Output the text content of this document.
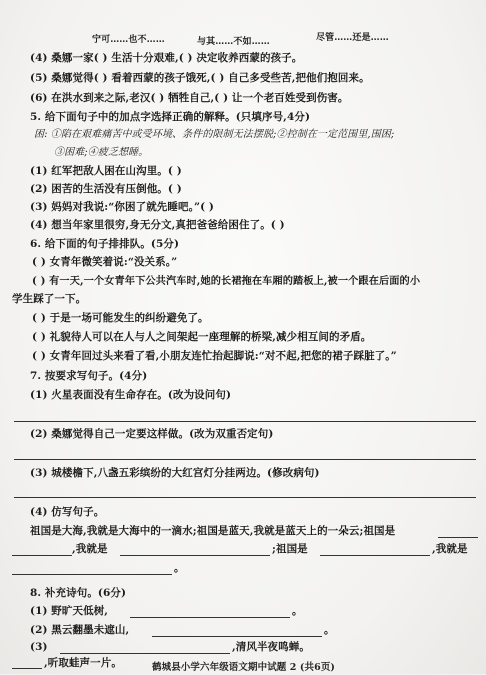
宁可……也不……	与其……不如……	尽管……还是……
(4) 桑娜一家( ) 生活十分艰难,( ) 决定收养西蒙的孩子。
(5) 桑娜觉得( ) 看着西蒙的孩子饿死,( ) 自己多受些苦,把他们抱回来。
(6) 在洪水到来之际,老汉( ) 牺牲自己,( ) 让一个老百姓受到伤害。
5. 给下面句子中的加点字选择正确的解释。(只填序号,4分)
困: ①陷在艰难痛苦中或受环境、条件的限制无法摆脱;②控制在一定范围里,围困;
③困难;④疲乏想睡。
(1) 红军把敌人困在山沟里。( )
(2) 困苦的生活没有压倒他。( )
(3) 妈妈对我说:“你困了就先睡吧。”( )
(4) 想当年家里很穷,身无分文,真把爸爸给困住了。( )
6. 给下面的句子排排队。(5分)
( ) 女青年微笑着说:“没关系。”
( ) 有一天,一个女青年下公共汽车时,她的长裙拖在车厢的踏板上,被一个跟在后面的小
学生踩了一下。
( ) 于是一场可能发生的纠纷避免了。
( ) 礼貌待人可以在人与人之间架起一座理解的桥梁,减少相互间的矛盾。
( ) 女青年回过头来看了看,小朋友连忙抬起脚说:“对不起,把您的裙子踩脏了。”
7. 按要求写句子。(4分)
(1) 火星表面没有生命存在。(改为设问句)
(2) 桑娜觉得自己一定要这样做。(改为双重否定句)
(3) 城楼檐下,八盏五彩缤纷的大红宫灯分挂两边。(修改病句)
(4) 仿写句子。
祖国是大海,我就是大海中的一滴水;祖国是蓝天,我就是蓝天上的一朵云;祖国是
,我就是	;祖国是	,我就是
。
8. 补充诗句。(6分)
(1) 野旷天低树,	。
(2) 黑云翻墨未遮山,	。
(3)	,清风半夜鸣蝉。
,听取蛙声一片。	鹤城县小学六年级语文期中试题 2 (共6页)
